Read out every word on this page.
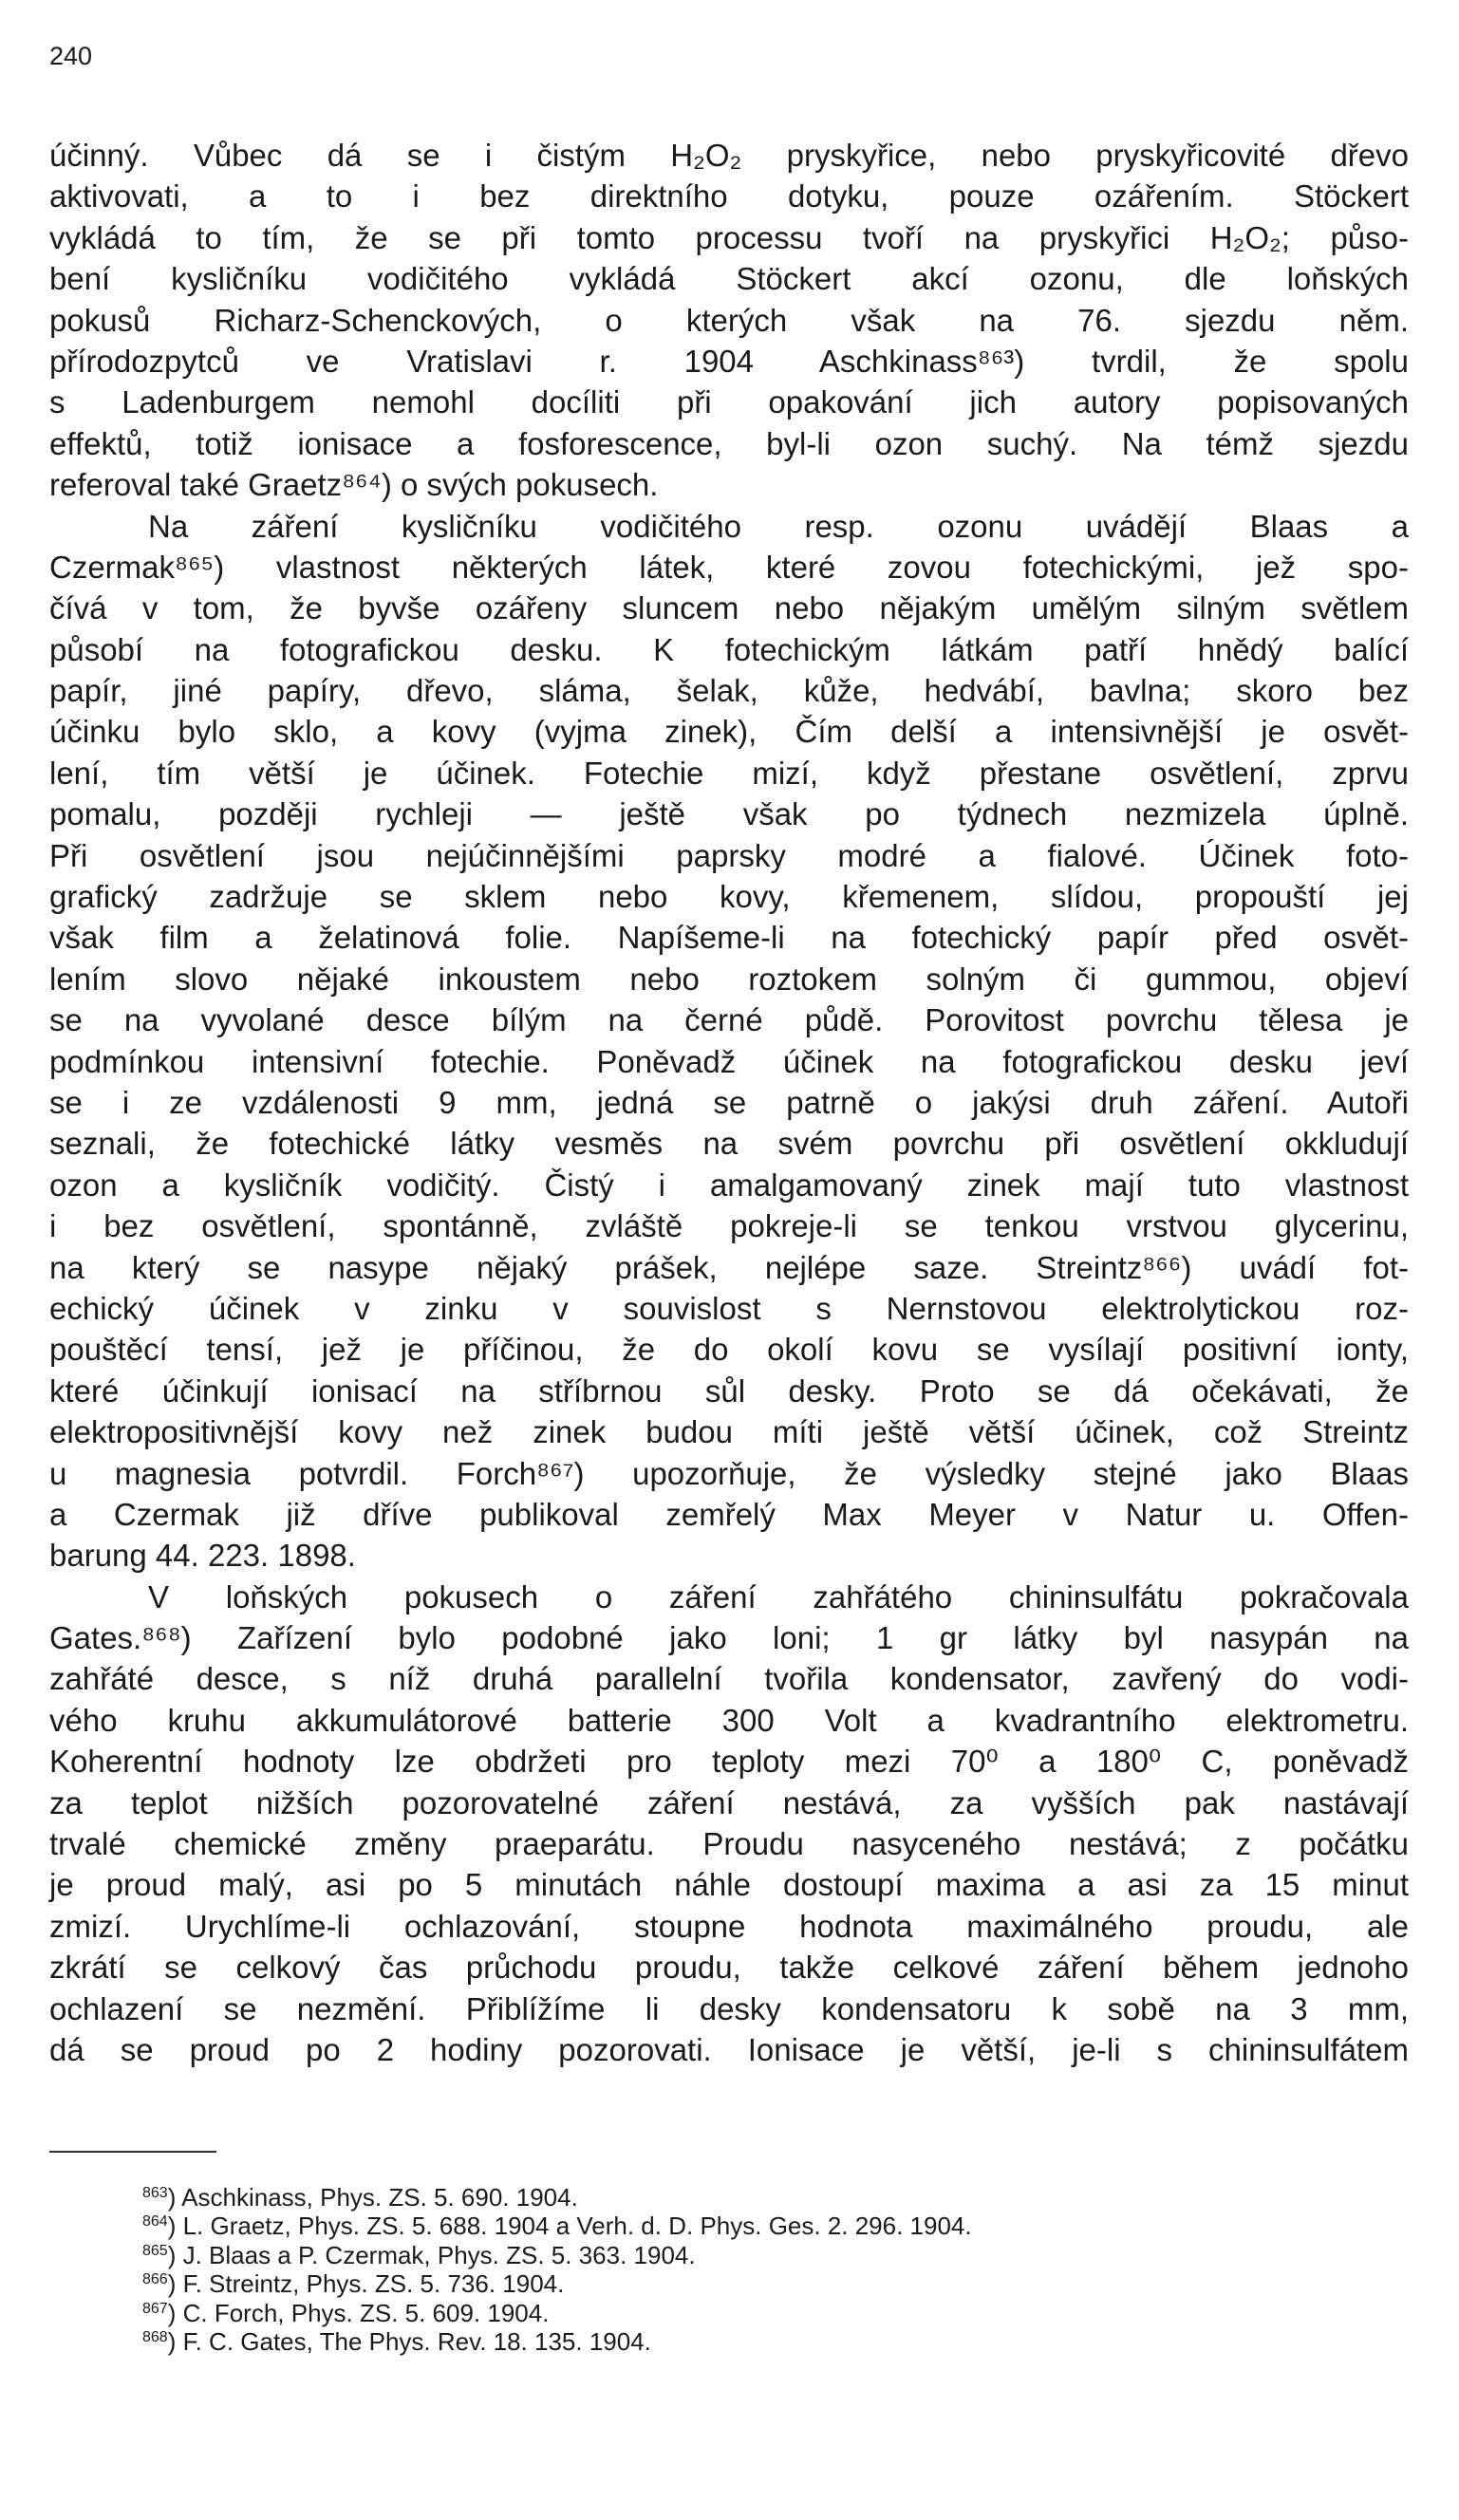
240
účinný. Vůbec dá se i čistým H₂O₂ pryskyřice, nebo pryskyřicovité dřevo
aktivovati, a to i bez direktního dotyku, pouze ozářením. Stöckert
vykládá to tím, že se při tomto processu tvoří na pryskyřici H₂O₂; půso-
bení kysličníku vodičitého vykládá Stöckert akcí ozonu, dle loňských
pokusů Richarz-Schenckových, o kterých však na 76. sjezdu něm.
přírodozpytců ve Vratislavi r. 1904 Aschkinass⁸⁶³) tvrdil, že spolu
s Ladenburgem nemohl docíliti při opakování jich autory popisovaných
effektů, totiž ionisace a fosforescence, byl-li ozon suchý. Na témž sjezdu
referoval také Graetz⁸⁶⁴) o svých pokusech.
Na záření kysličníku vodičitého resp. ozonu uvádějí Blaas a
Czermak⁸⁶⁵) vlastnost některých látek, které zovou fotechickými, jež spo-
čívá v tom, že byvše ozářeny sluncem nebo nějakým umělým silným světlem
působí na fotografickou desku. K fotechickým látkám patří hnědý balící
papír, jiné papíry, dřevo, sláma, šelak, kůže, hedvábí, bavlna; skoro bez
účinku bylo sklo, a kovy (vyjma zinek), Čím delší a intensivnější je osvět-
lení, tím větší je účinek. Fotechie mizí, když přestane osvětlení, zprvu
pomalu, později rychleji — ještě však po týdnech nezmizela úplně.
Při osvětlení jsou nejúčinnějšími paprsky modré a fialové. Účinek foto-
grafický zadržuje se sklem nebo kovy, křemenem, slídou, propouští jej
však film a želatinová folie. Napíšeme-li na fotechický papír před osvět-
lením slovo nějaké inkoustem nebo roztokem solným či gummou, objeví
se na vyvolané desce bílým na černé půdě. Porovitost povrchu tělesa je
podmínkou intensivní fotechie. Poněvadž účinek na fotografickou desku jeví
se i ze vzdálenosti 9 mm, jedná se patrně o jakýsi druh záření. Autoři
seznali, že fotechické látky vesměs na svém povrchu při osvětlení okkludují
ozon a kysličník vodičitý. Čistý i amalgamovaný zinek mají tuto vlastnost
i bez osvětlení, spontánně, zvláště pokreje-li se tenkou vrstvou glycerinu,
na který se nasype nějaký prášek, nejlépe saze. Streintz⁸⁶⁶) uvádí fot-
echický účinek v zinku v souvislost s Nernstovou elektrolytickou roz-
pouštěcí tensí, jež je příčinou, že do okolí kovu se vysílají positivní ionty,
které účinkují ionisací na stříbrnou sůl desky. Proto se dá očekávati, že
elektropositivnější kovy než zinek budou míti ještě větší účinek, což Streintz
u magnesia potvrdil. Forch⁸⁶⁷) upozorňuje, že výsledky stejné jako Blaas
a Czermak již dříve publikoval zemřelý Max Meyer v Natur u. Offen-
barung 44. 223. 1898.
V loňských pokusech o záření zahřátého chininsulfátu pokračovala
Gates.⁸⁶⁸) Zařízení bylo podobné jako loni; 1 gr látky byl nasypán na
zahřáté desce, s níž druhá parallelní tvořila kondensator, zavřený do vodi-
vého kruhu akkumulátorové batterie 300 Volt a kvadrantního elektrometru.
Koherentní hodnoty lze obdržeti pro teploty mezi 70⁰ a 180⁰ C, poněvadž
za teplot nižších pozorovatelné záření nestává, za vyšších pak nastávají
trvalé chemické změny praeparátu. Proudu nasyceného nestává; z počátku
je proud malý, asi po 5 minutách náhle dostoupí maxima a asi za 15 minut
zmizí. Urychlíme-li ochlazování, stoupne hodnota maximálného proudu, ale
zkrátí se celkový čas průchodu proudu, takže celkové záření během jednoho
ochlazení se nezmění. Přiblížíme li desky kondensatoru k sobě na 3 mm,
dá se proud po 2 hodiny pozorovati. Ionisace je větší, je-li s chininsulfátem
$^{863}$) Aschkinass, Phys. ZS. 5. 690. 1904.
$^{864}$) L. Graetz, Phys. ZS. 5. 688. 1904 a Verh. d. D. Phys. Ges. 2. 296. 1904.
$^{865}$) J. Blaas a P. Czermak, Phys. ZS. 5. 363. 1904.
$^{866}$) F. Streintz, Phys. ZS. 5. 736. 1904.
$^{867}$) C. Forch, Phys. ZS. 5. 609. 1904.
$^{868}$) F. C. Gates, The Phys. Rev. 18. 135. 1904.
